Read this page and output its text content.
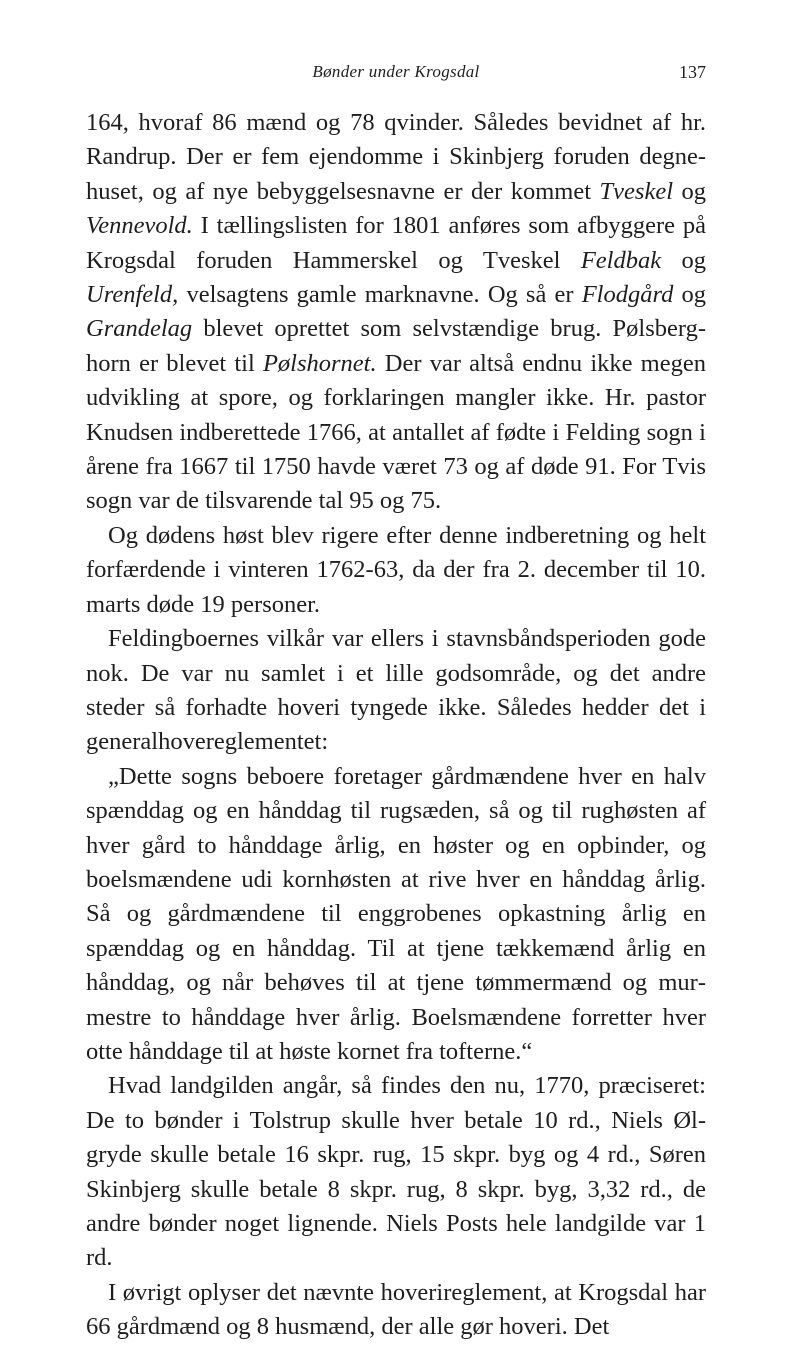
Bønder under Krogsdal	137

164, hvoraf 86 mænd og 78 qvinder. Således bevidnet af hr. Randrup. Der er fem ejendomme i Skinbjerg foruden degnehuset, og af nye bebyggelsesnavne er der kommet Tveskel og Vennevold. I tællingslisten for 1801 anføres som afbyggere på Krogsdal foruden Hammerskel og Tveskel Feldbak og Urenfeld, velsagtens gamle marknavne. Og så er Flodgård og Grandelag blevet oprettet som selvstændige brug. Pølsberghorn er blevet til Pølshornet. Der var altså endnu ikke megen udvikling at spore, og forklaringen mangler ikke. Hr. pastor Knudsen indberettede 1766, at antallet af fødte i Felding sogn i årene fra 1667 til 1750 havde været 73 og af døde 91. For Tvis sogn var de tilsvarende tal 95 og 75.

Og dødens høst blev rigere efter denne indberetning og helt forfærdende i vinteren 1762-63, da der fra 2. december til 10. marts døde 19 personer.

Feldingboernes vilkår var ellers i stavnsbåndsperioden gode nok. De var nu samlet i et lille godsområde, og det andre steder så forhadte hoveri tyngede ikke. Således hedder det i generalhovereglementet:

„Dette sogns beboere foretager gårdmændene hver en halv spænddag og en hånddag til rugsæden, så og til rughøsten af hver gård to hånddage årlig, en høster og en opbinder, og boelsmændene udi kornhøsten at rive hver en hånddag årlig. Så og gårdmændene til enggrobenes opkastning årlig en spænddag og en hånddag. Til at tjene tækkemænd årlig en hånddag, og når behøves til at tjene tømmermænd og murmestre to hånddage hver årlig. Boelsmændene forretter hver otte hånddage til at høste kornet fra tofterne.“

Hvad landgilden angår, så findes den nu, 1770, præciseret: De to bønder i Tolstrup skulle hver betale 10 rd., Niels Ølgryde skulle betale 16 skpr. rug, 15 skpr. byg og 4 rd., Søren Skinbjerg skulle betale 8 skpr. rug, 8 skpr. byg, 3,32 rd., de andre bønder noget lignende. Niels Posts hele landgilde var 1 rd.

I øvrigt oplyser det nævnte hoverireglement, at Krogsdal har 66 gårdmænd og 8 husmænd, der alle gør hoveri. Det
